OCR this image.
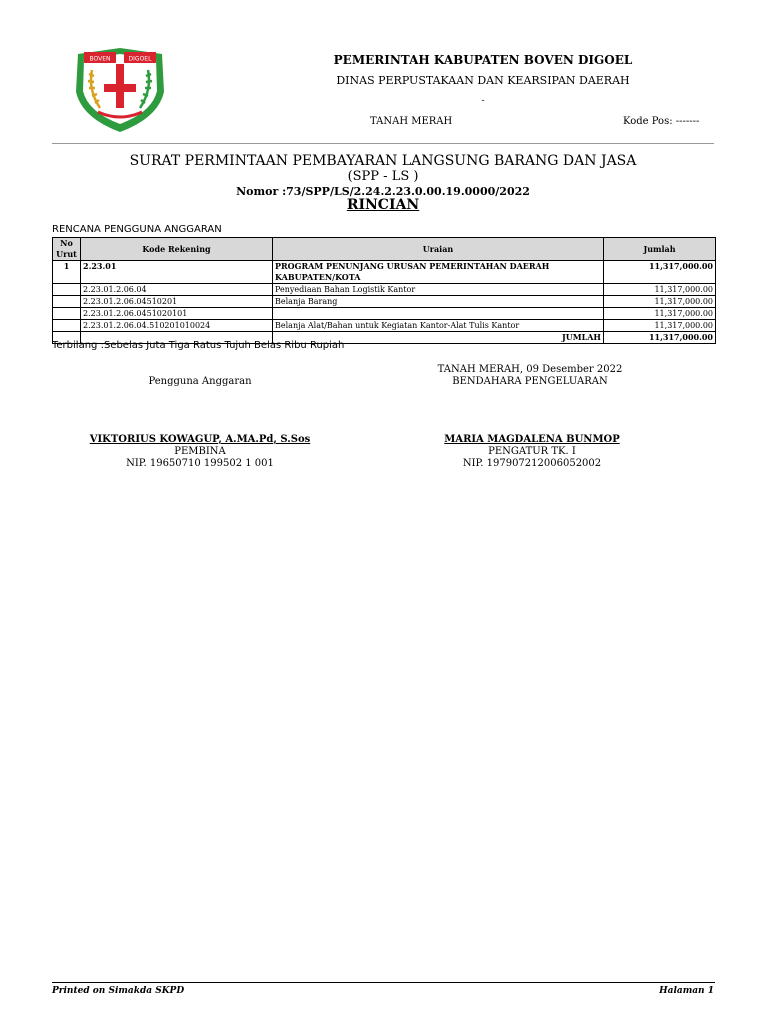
BOVEN	DIGOEL	PEMERINTAH KABUPATEN BOVEN DIGOEL
DINAS PERPUSTAKAAN DAN KEARSIPAN DAERAH
-
TANAH MERAH	Kode Pos: -------
SURAT PERMINTAAN PEMBAYARAN LANGSUNG BARANG DAN JASA
(SPP - LS )
Nomor :73/SPP/LS/2.24.2.23.0.00.19.0000/2022
RINCIAN
RENCANA PENGGUNA ANGGARAN
No Urut	Kode Rekening	Uraian	Jumlah
1	2.23.01	PROGRAM PENUNJANG URUSAN PEMERINTAHAN DAERAH KABUPATEN/KOTA	11,317,000.00
	2.23.01.2.06.04	Penyediaan Bahan Logistik Kantor	11,317,000.00
	2.23.01.2.06.04510201	Belanja Barang	11,317,000.00
	2.23.01.2.06.0451020101		11,317,000.00
	2.23.01.2.06.04.510201010024	Belanja Alat/Bahan untuk Kegiatan Kantor-Alat Tulis Kantor	11,317,000.00
		JUMLAH	11,317,000.00
Terbilang :Sebelas Juta Tiga Ratus Tujuh Belas Ribu Rupiah
TANAH MERAH, 09 Desember 2022
BENDAHARA PENGELUARAN
Pengguna Anggaran
VIKTORIUS KOWAGUP, A.MA.Pd, S.Sos
PEMBINA
NIP. 19650710 199502 1 001
MARIA MAGDALENA BUNMOP
PENGATUR TK. I
NIP. 197907212006052002
Printed on Simakda SKPD	Halaman 1
